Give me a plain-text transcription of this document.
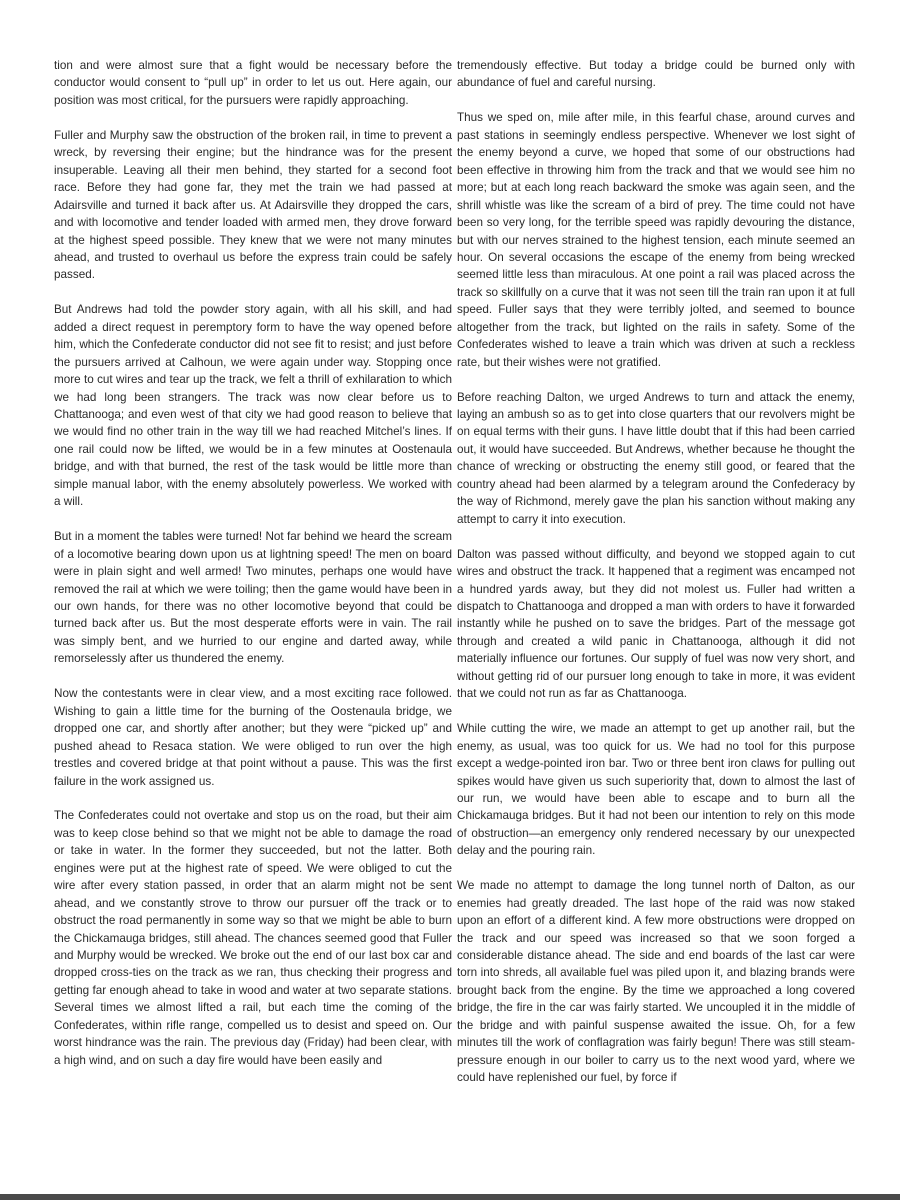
tion and were almost sure that a fight would be necessary before the conductor would consent to “pull up” in order to let us out. Here again, our position was most critical, for the pursuers were rapidly approaching.

Fuller and Murphy saw the obstruction of the broken rail, in time to prevent a wreck, by reversing their engine; but the hindrance was for the present insuperable. Leaving all their men behind, they started for a second foot race. Before they had gone far, they met the train we had passed at Adairsville and turned it back after us. At Adairsville they dropped the cars, and with locomotive and tender loaded with armed men, they drove forward at the highest speed possible. They knew that we were not many minutes ahead, and trusted to overhaul us before the express train could be safely passed.

But Andrews had told the powder story again, with all his skill, and had added a direct request in peremptory form to have the way opened before him, which the Confederate conductor did not see fit to resist; and just before the pursuers arrived at Calhoun, we were again under way. Stopping once more to cut wires and tear up the track, we felt a thrill of exhilaration to which we had long been strangers. The track was now clear before us to Chattanooga; and even west of that city we had good reason to believe that we would find no other train in the way till we had reached Mitchel’s lines. If one rail could now be lifted, we would be in a few minutes at Oostenaula bridge, and with that burned, the rest of the task would be little more than simple manual labor, with the enemy absolutely powerless. We worked with a will.

But in a moment the tables were turned! Not far behind we heard the scream of a locomotive bearing down upon us at lightning speed! The men on board were in plain sight and well armed! Two minutes, perhaps one would have removed the rail at which we were toiling; then the game would have been in our own hands, for there was no other locomotive beyond that could be turned back after us. But the most desperate efforts were in vain. The rail was simply bent, and we hurried to our engine and darted away, while remorselessly after us thundered the enemy.

Now the contestants were in clear view, and a most exciting race followed. Wishing to gain a little time for the burning of the Oostenaula bridge, we dropped one car, and shortly after another; but they were “picked up” and pushed ahead to Resaca station. We were obliged to run over the high trestles and covered bridge at that point without a pause. This was the first failure in the work assigned us.

The Confederates could not overtake and stop us on the road, but their aim was to keep close behind so that we might not be able to damage the road or take in water. In the former they succeeded, but not the latter. Both engines were put at the highest rate of speed. We were obliged to cut the wire after every station passed, in order that an alarm might not be sent ahead, and we constantly strove to throw our pursuer off the track or to obstruct the road permanently in some way so that we might be able to burn the Chickamauga bridges, still ahead. The chances seemed good that Fuller and Murphy would be wrecked. We broke out the end of our last box car and dropped cross-ties on the track as we ran, thus checking their progress and getting far enough ahead to take in wood and water at two separate stations. Several times we almost lifted a rail, but each time the coming of the Confederates, within rifle range, compelled us to desist and speed on. Our worst hindrance was the rain. The previous day (Friday) had been clear, with a high wind, and on such a day fire would have been easily and

tremendously effective. But today a bridge could be burned only with abundance of fuel and careful nursing.

Thus we sped on, mile after mile, in this fearful chase, around curves and past stations in seemingly endless perspective. Whenever we lost sight of the enemy beyond a curve, we hoped that some of our obstructions had been effective in throwing him from the track and that we would see him no more; but at each long reach backward the smoke was again seen, and the shrill whistle was like the scream of a bird of prey. The time could not have been so very long, for the terrible speed was rapidly devouring the distance, but with our nerves strained to the highest tension, each minute seemed an hour. On several occasions the escape of the enemy from being wrecked seemed little less than miraculous. At one point a rail was placed across the track so skillfully on a curve that it was not seen till the train ran upon it at full speed. Fuller says that they were terribly jolted, and seemed to bounce altogether from the track, but lighted on the rails in safety. Some of the Confederates wished to leave a train which was driven at such a reckless rate, but their wishes were not gratified.

Before reaching Dalton, we urged Andrews to turn and attack the enemy, laying an ambush so as to get into close quarters that our revolvers might be on equal terms with their guns. I have little doubt that if this had been carried out, it would have succeeded. But Andrews, whether because he thought the chance of wrecking or obstructing the enemy still good, or feared that the country ahead had been alarmed by a telegram around the Confederacy by the way of Richmond, merely gave the plan his sanction without making any attempt to carry it into execution.

Dalton was passed without difficulty, and beyond we stopped again to cut wires and obstruct the track. It happened that a regiment was encamped not a hundred yards away, but they did not molest us. Fuller had written a dispatch to Chattanooga and dropped a man with orders to have it forwarded instantly while he pushed on to save the bridges. Part of the message got through and created a wild panic in Chattanooga, although it did not materially influence our fortunes. Our supply of fuel was now very short, and without getting rid of our pursuer long enough to take in more, it was evident that we could not run as far as Chattanooga.

While cutting the wire, we made an attempt to get up another rail, but the enemy, as usual, was too quick for us. We had no tool for this purpose except a wedge-pointed iron bar. Two or three bent iron claws for pulling out spikes would have given us such superiority that, down to almost the last of our run, we would have been able to escape and to burn all the Chickamauga bridges. But it had not been our intention to rely on this mode of obstruction—an emergency only rendered necessary by our unexpected delay and the pouring rain.

We made no attempt to damage the long tunnel north of Dalton, as our enemies had greatly dreaded. The last hope of the raid was now staked upon an effort of a different kind. A few more obstructions were dropped on the track and our speed was increased so that we soon forged a considerable distance ahead. The side and end boards of the last car were torn into shreds, all available fuel was piled upon it, and blazing brands were brought back from the engine. By the time we approached a long covered bridge, the fire in the car was fairly started. We uncoupled it in the middle of the bridge and with painful suspense awaited the issue. Oh, for a few minutes till the work of conflagration was fairly begun! There was still steam-pressure enough in our boiler to carry us to the next wood yard, where we could have replenished our fuel, by force if
